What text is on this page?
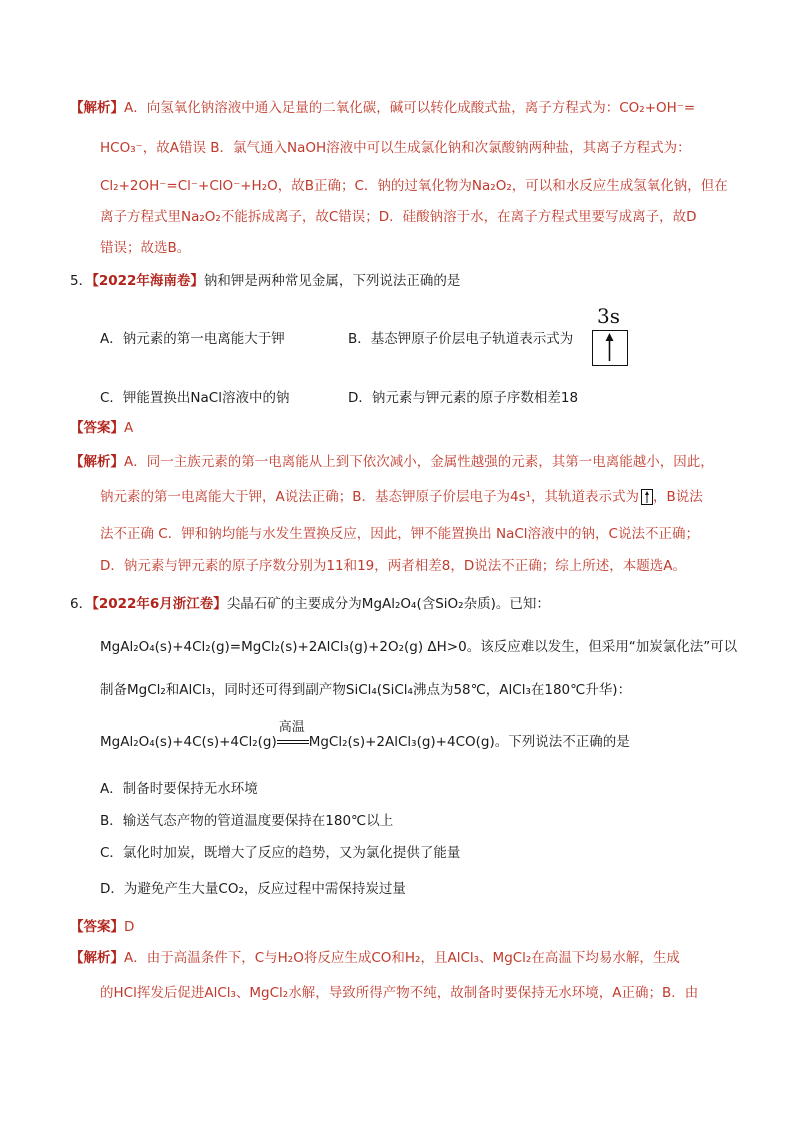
【解析】A．向氢氧化钠溶液中通入足量的二氧化碳，碱可以转化成酸式盐，离子方程式为：CO₂+OH⁻=
HCO₃⁻，故A错误 B．氯气通入NaOH溶液中可以生成氯化钠和次氯酸钠两种盐，其离子方程式为：
Cl₂+2OH⁻=Cl⁻+ClO⁻+H₂O，故B正确；C．钠的过氧化物为Na₂O₂，可以和水反应生成氢氧化钠，但在
离子方程式里Na₂O₂不能拆成离子，故C错误；D．硅酸钠溶于水，在离子方程式里要写成离子，故D
错误；故选B。
5．【2022年海南卷】钠和钾是两种常见金属，下列说法正确的是
A．钠元素的第一电离能大于钾	B．基态钾原子价层电子轨道表示式为
3s
C．钾能置换出NaCl溶液中的钠	D．钠元素与钾元素的原子序数相差18
【答案】A
【解析】A．同一主族元素的第一电离能从上到下依次减小，金属性越强的元素，其第一电离能越小，因此，
钠元素的第一电离能大于钾，A说法正确；B．基态钾原子价层电子为4s¹，其轨道表示式为 ，B说法
法不正确 C．钾和钠均能与水发生置换反应，因此，钾不能置换出 NaCl溶液中的钠，C说法不正确；
D．钠元素与钾元素的原子序数分别为11和19，两者相差8，D说法不正确；综上所述，本题选A。
6．【2022年6月浙江卷】尖晶石矿的主要成分为MgAl₂O₄(含SiO₂杂质)。已知：
MgAl₂O₄(s)+4Cl₂(g)=MgCl₂(s)+2AlCl₃(g)+2O₂(g) ΔH>0。该反应难以发生，但采用“加炭氯化法”可以
制备MgCl₂和AlCl₃，同时还可得到副产物SiCl₄(SiCl₄沸点为58℃，AlCl₃在180℃升华)：
MgAl₂O₄(s)+4C(s)+4Cl₂(g)
高温
MgCl₂(s)+2AlCl₃(g)+4CO(g)。下列说法不正确的是
A．制备时要保持无水环境
B．输送气态产物的管道温度要保持在180℃以上
C．氯化时加炭，既增大了反应的趋势，又为氯化提供了能量
D．为避免产生大量CO₂，反应过程中需保持炭过量
【答案】D
【解析】A．由于高温条件下，C与H₂O将反应生成CO和H₂，且AlCl₃、MgCl₂在高温下均易水解，生成
的HCl挥发后促进AlCl₃、MgCl₂水解，导致所得产物不纯，故制备时要保持无水环境，A正确；B．由
